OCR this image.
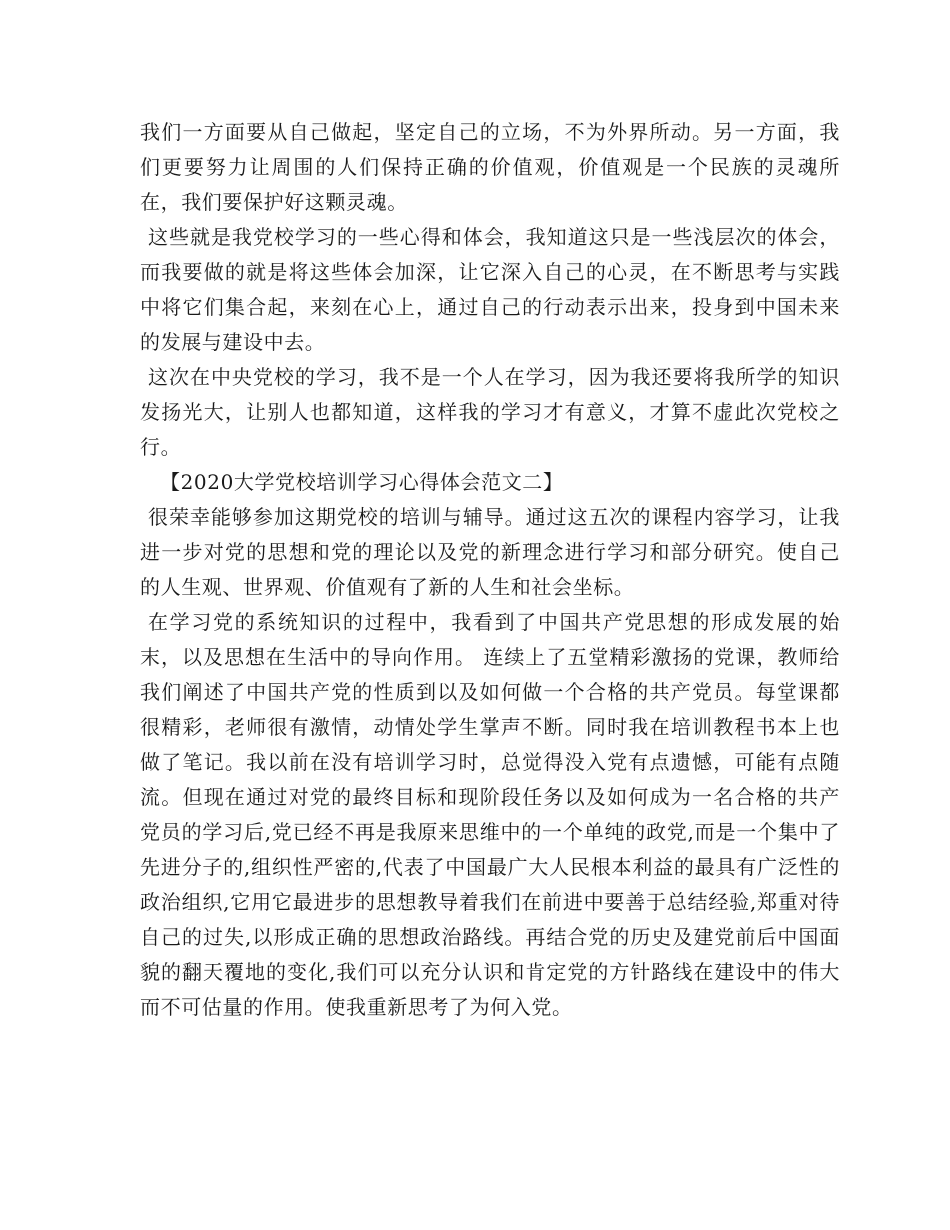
我们一方面要从自己做起，坚定自己的立场，不为外界所动。另一方面，我们更要努力让周围的人们保持正确的价值观，价值观是一个民族的灵魂所在，我们要保护好这颗灵魂。

这些就是我党校学习的一些心得和体会，我知道这只是一些浅层次的体会，而我要做的就是将这些体会加深，让它深入自己的心灵，在不断思考与实践中将它们集合起，来刻在心上，通过自己的行动表示出来，投身到中国未来的发展与建设中去。

这次在中央党校的学习，我不是一个人在学习，因为我还要将我所学的知识发扬光大，让别人也都知道，这样我的学习才有意义，才算不虚此次党校之行。

【2020大学党校培训学习心得体会范文二】

很荣幸能够参加这期党校的培训与辅导。通过这五次的课程内容学习，让我进一步对党的思想和党的理论以及党的新理念进行学习和部分研究。使自己的人生观、世界观、价值观有了新的人生和社会坐标。

在学习党的系统知识的过程中，我看到了中国共产党思想的形成发展的始末，以及思想在生活中的导向作用。 连续上了五堂精彩激扬的党课，教师给我们阐述了中国共产党的性质到以及如何做一个合格的共产党员。每堂课都很精彩，老师很有激情，动情处学生掌声不断。同时我在培训教程书本上也做了笔记。我以前在没有培训学习时，总觉得没入党有点遗憾，可能有点随流。但现在通过对党的最终目标和现阶段任务以及如何成为一名合格的共产党员的学习后,党已经不再是我原来思维中的一个单纯的政党,而是一个集中了先进分子的,组织性严密的,代表了中国最广大人民根本利益的最具有广泛性的政治组织,它用它最进步的思想教导着我们在前进中要善于总结经验,郑重对待自己的过失,以形成正确的思想政治路线。再结合党的历史及建党前后中国面貌的翻天覆地的变化,我们可以充分认识和肯定党的方针路线在建设中的伟大而不可估量的作用。使我重新思考了为何入党。
